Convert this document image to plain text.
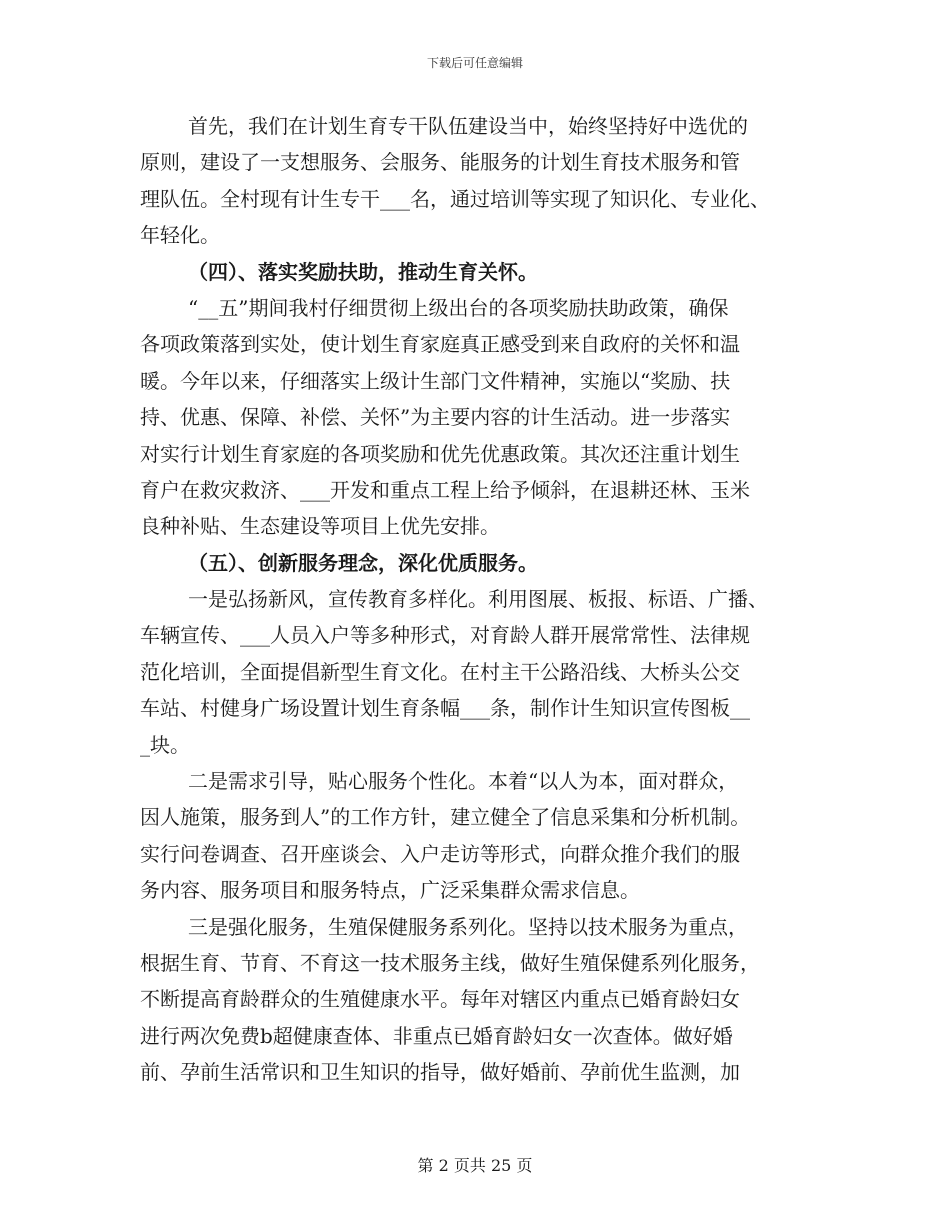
下载后可任意编辑
首先，我们在计划生育专干队伍建设当中，始终坚持好中选优的
原则，建设了一支想服务、会服务、能服务的计划生育技术服务和管
理队伍。全村现有计生专干___名，通过培训等实现了知识化、专业化、
年轻化。
（四）、落实奖励扶助，推动生育关怀。
“__五”期间我村仔细贯彻上级出台的各项奖励扶助政策，确保
各项政策落到实处，使计划生育家庭真正感受到来自政府的关怀和温
暖。今年以来，仔细落实上级计生部门文件精神，实施以“奖励、扶
持、优惠、保障、补偿、关怀”为主要内容的计生活动。进一步落实
对实行计划生育家庭的各项奖励和优先优惠政策。其次还注重计划生
育户在救灾救济、___开发和重点工程上给予倾斜，在退耕还林、玉米
良种补贴、生态建设等项目上优先安排。
（五）、创新服务理念，深化优质服务。
一是弘扬新风，宣传教育多样化。利用图展、板报、标语、广播、
车辆宣传、___人员入户等多种形式，对育龄人群开展常常性、法律规
范化培训，全面提倡新型生育文化。在村主干公路沿线、大桥头公交
车站、村健身广场设置计划生育条幅___条，制作计生知识宣传图板__
_块。
二是需求引导，贴心服务个性化。本着“以人为本，面对群众，
因人施策，服务到人”的工作方针，建立健全了信息采集和分析机制。
实行问卷调查、召开座谈会、入户走访等形式，向群众推介我们的服
务内容、服务项目和服务特点，广泛采集群众需求信息。
三是强化服务，生殖保健服务系列化。坚持以技术服务为重点，
根据生育、节育、不育这一技术服务主线，做好生殖保健系列化服务，
不断提高育龄群众的生殖健康水平。每年对辖区内重点已婚育龄妇女
进行两次免费b超健康查体、非重点已婚育龄妇女一次查体。做好婚
前、孕前生活常识和卫生知识的指导，做好婚前、孕前优生监测，加
第 2 页共 25 页
